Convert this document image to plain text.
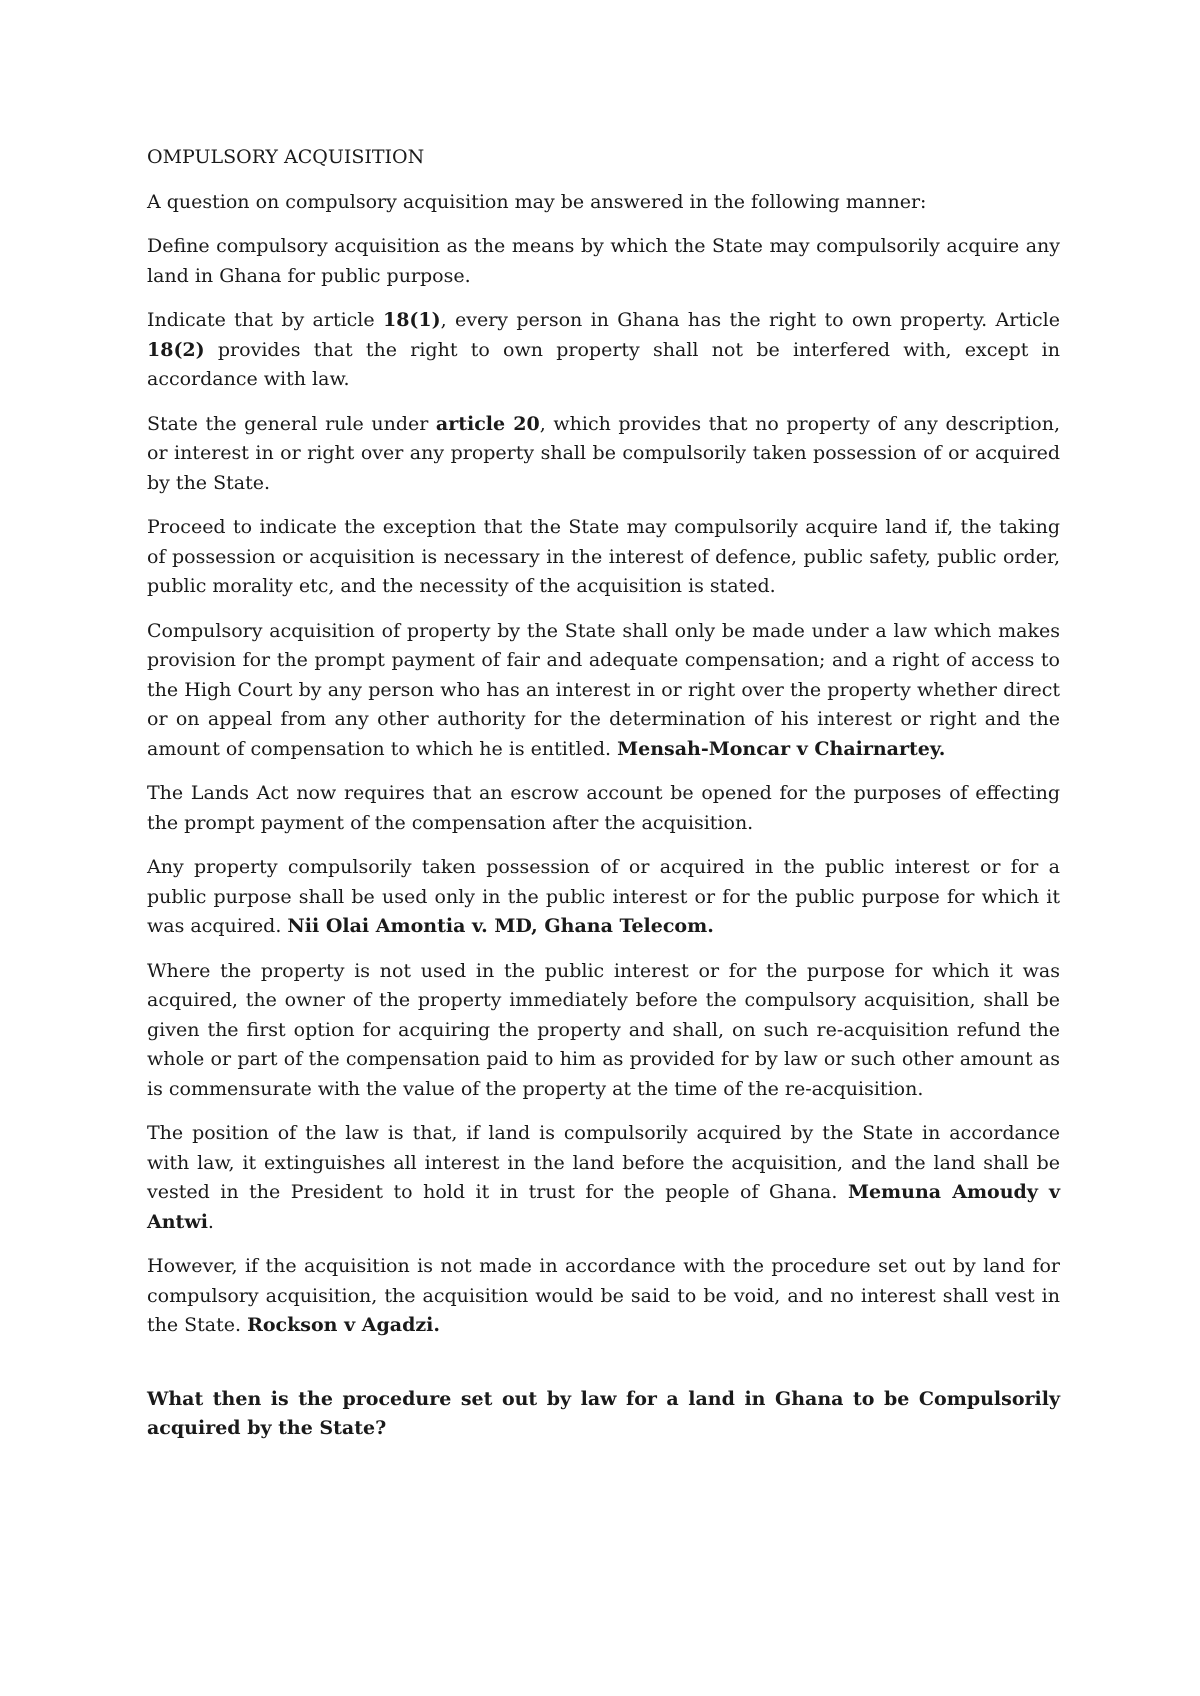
OMPULSORY ACQUISITION

A question on compulsory acquisition may be answered in the following manner:

Define compulsory acquisition as the means by which the State may compulsorily acquire any land in Ghana for public purpose.

Indicate that by article 18(1), every person in Ghana has the right to own property. Article 18(2) provides that the right to own property shall not be interfered with, except in accordance with law.

State the general rule under article 20, which provides that no property of any description, or interest in or right over any property shall be compulsorily taken possession of or acquired by the State.

Proceed to indicate the exception that the State may compulsorily acquire land if, the taking of possession or acquisition is necessary in the interest of defence, public safety, public order, public morality etc, and the necessity of the acquisition is stated.

Compulsory acquisition of property by the State shall only be made under a law which makes provision for the prompt payment of fair and adequate compensation; and a right of access to the High Court by any person who has an interest in or right over the property whether direct or on appeal from any other authority for the determination of his interest or right and the amount of compensation to which he is entitled. Mensah-Moncar v Chairnartey.

The Lands Act now requires that an escrow account be opened for the purposes of effecting the prompt payment of the compensation after the acquisition.

Any property compulsorily taken possession of or acquired in the public interest or for a public purpose shall be used only in the public interest or for the public purpose for which it was acquired. Nii Olai Amontia v. MD, Ghana Telecom.

Where the property is not used in the public interest or for the purpose for which it was acquired, the owner of the property immediately before the compulsory acquisition, shall be given the first option for acquiring the property and shall, on such re-acquisition refund the whole or part of the compensation paid to him as provided for by law or such other amount as is commensurate with the value of the property at the time of the re-acquisition.

The position of the law is that, if land is compulsorily acquired by the State in accordance with law, it extinguishes all interest in the land before the acquisition, and the land shall be vested in the President to hold it in trust for the people of Ghana. Memuna Amoudy v Antwi.

However, if the acquisition is not made in accordance with the procedure set out by land for compulsory acquisition, the acquisition would be said to be void, and no interest shall vest in the State. Rockson v Agadzi.

What then is the procedure set out by law for a land in Ghana to be Compulsorily acquired by the State?
